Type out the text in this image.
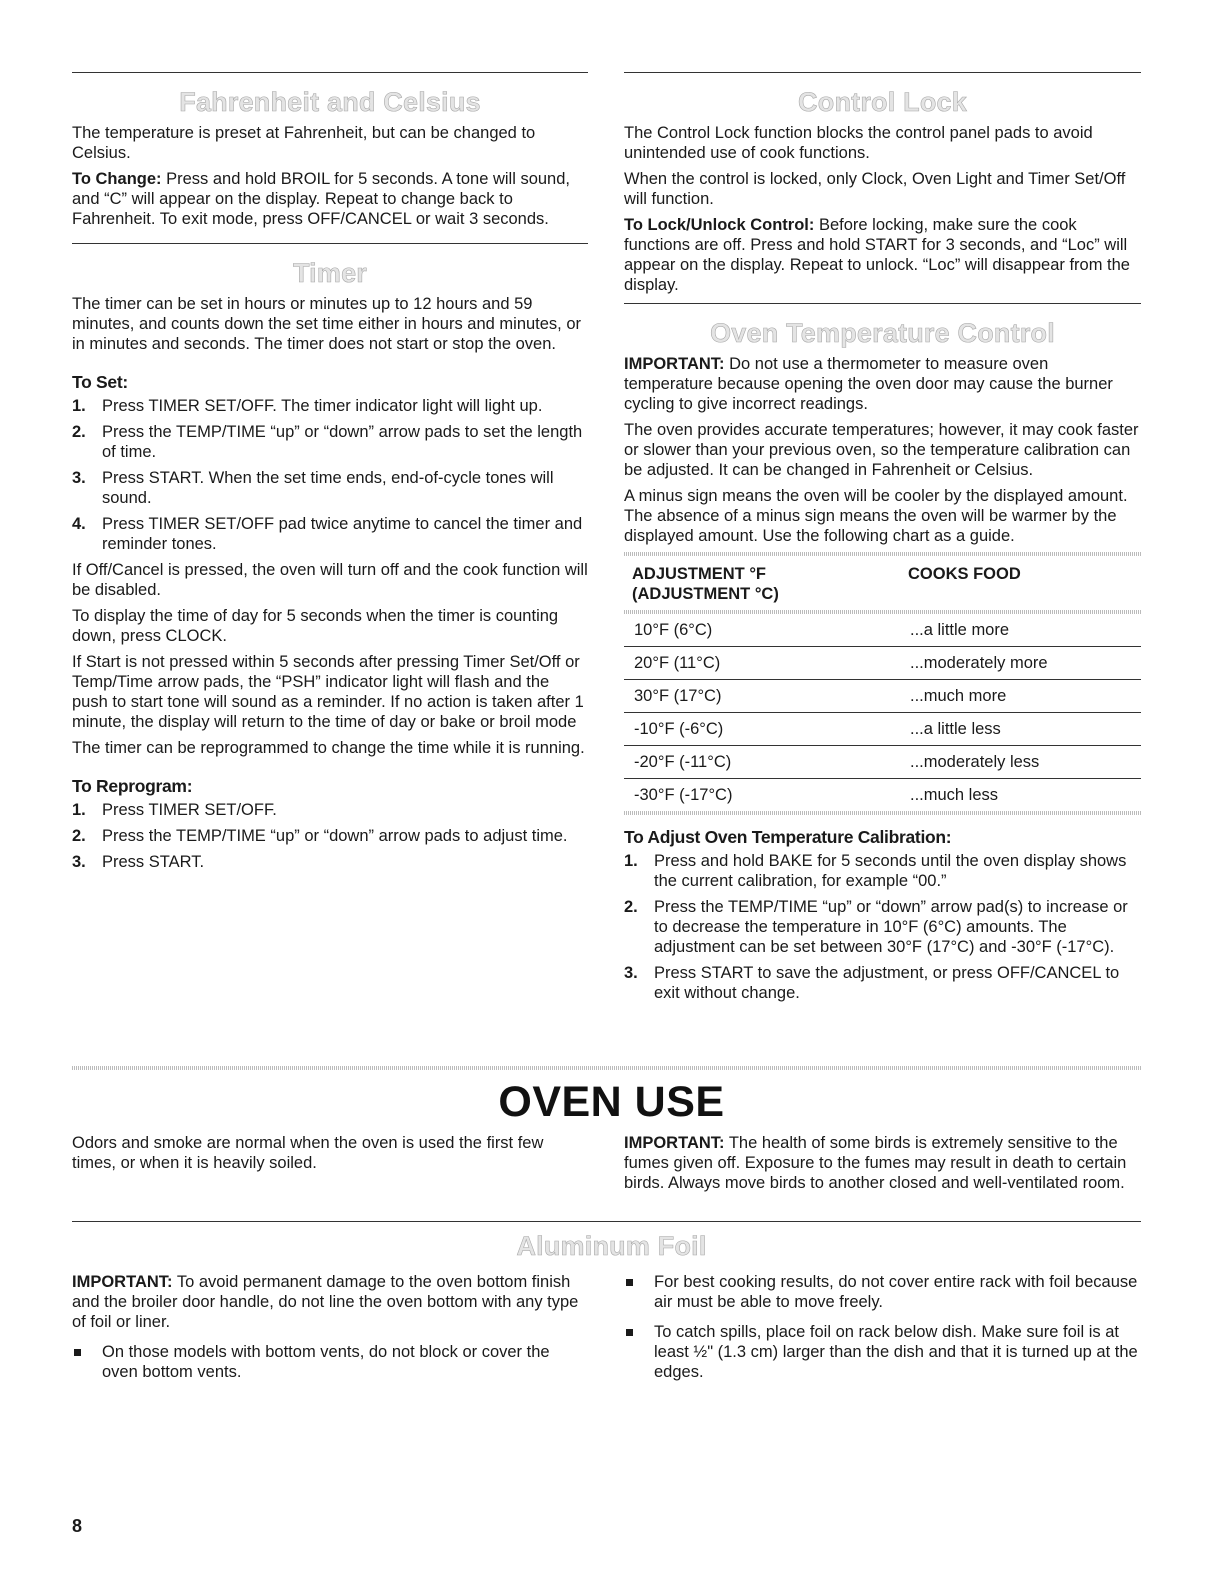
Fahrenheit and Celsius

The temperature is preset at Fahrenheit, but can be changed to Celsius.

To Change: Press and hold BROIL for 5 seconds. A tone will sound, and “C” will appear on the display. Repeat to change back to Fahrenheit. To exit mode, press OFF/CANCEL or wait 3 seconds.

Timer

The timer can be set in hours or minutes up to 12 hours and 59 minutes, and counts down the set time either in hours and minutes, or in minutes and seconds. The timer does not start or stop the oven.

To Set:
1. Press TIMER SET/OFF. The timer indicator light will light up.
2. Press the TEMP/TIME “up” or “down” arrow pads to set the length of time.
3. Press START. When the set time ends, end-of-cycle tones will sound.
4. Press TIMER SET/OFF pad twice anytime to cancel the timer and reminder tones.

If Off/Cancel is pressed, the oven will turn off and the cook function will be disabled.

To display the time of day for 5 seconds when the timer is counting down, press CLOCK.

If Start is not pressed within 5 seconds after pressing Timer Set/Off or Temp/Time arrow pads, the “PSH” indicator light will flash and the push to start tone will sound as a reminder. If no action is taken after 1 minute, the display will return to the time of day or bake or broil mode

The timer can be reprogrammed to change the time while it is running.

To Reprogram:
1. Press TIMER SET/OFF.
2. Press the TEMP/TIME “up” or “down” arrow pads to adjust time.
3. Press START.
Control Lock

The Control Lock function blocks the control panel pads to avoid unintended use of cook functions.

When the control is locked, only Clock, Oven Light and Timer Set/Off will function.

To Lock/Unlock Control: Before locking, make sure the cook functions are off. Press and hold START for 3 seconds, and “Loc” will appear on the display. Repeat to unlock. “Loc” will disappear from the display.

Oven Temperature Control

IMPORTANT: Do not use a thermometer to measure oven temperature because opening the oven door may cause the burner cycling to give incorrect readings.

The oven provides accurate temperatures; however, it may cook faster or slower than your previous oven, so the temperature calibration can be adjusted. It can be changed in Fahrenheit or Celsius.

A minus sign means the oven will be cooler by the displayed amount. The absence of a minus sign means the oven will be warmer by the displayed amount. Use the following chart as a guide.

ADJUSTMENT °F
(ADJUSTMENT °C)	COOKS FOOD

10°F (6°C)	...a little more
20°F (11°C)	...moderately more
30°F (17°C)	...much more
-10°F (-6°C)	...a little less
-20°F (-11°C)	...moderately less
-30°F (-17°C)	...much less
To Adjust Oven Temperature Calibration:
1. Press and hold BAKE for 5 seconds until the oven display shows the current calibration, for example “00.”
2. Press the TEMP/TIME “up” or “down” arrow pad(s) to increase or to decrease the temperature in 10°F (6°C) amounts. The adjustment can be set between 30°F (17°C) and -30°F (-17°C).
3. Press START to save the adjustment, or press OFF/CANCEL to exit without change.
OVEN USE

Odors and smoke are normal when the oven is used the first few times, or when it is heavily soiled.

IMPORTANT: The health of some birds is extremely sensitive to the fumes given off. Exposure to the fumes may result in death to certain birds. Always move birds to another closed and well-ventilated room.

Aluminum Foil

IMPORTANT: To avoid permanent damage to the oven bottom finish and the broiler door handle, do not line the oven bottom with any type of foil or liner.

On those models with bottom vents, do not block or cover the oven bottom vents.
For best cooking results, do not cover entire rack with foil because air must be able to move freely.
To catch spills, place foil on rack below dish. Make sure foil is at least ½" (1.3 cm) larger than the dish and that it is turned up at the edges.
8
